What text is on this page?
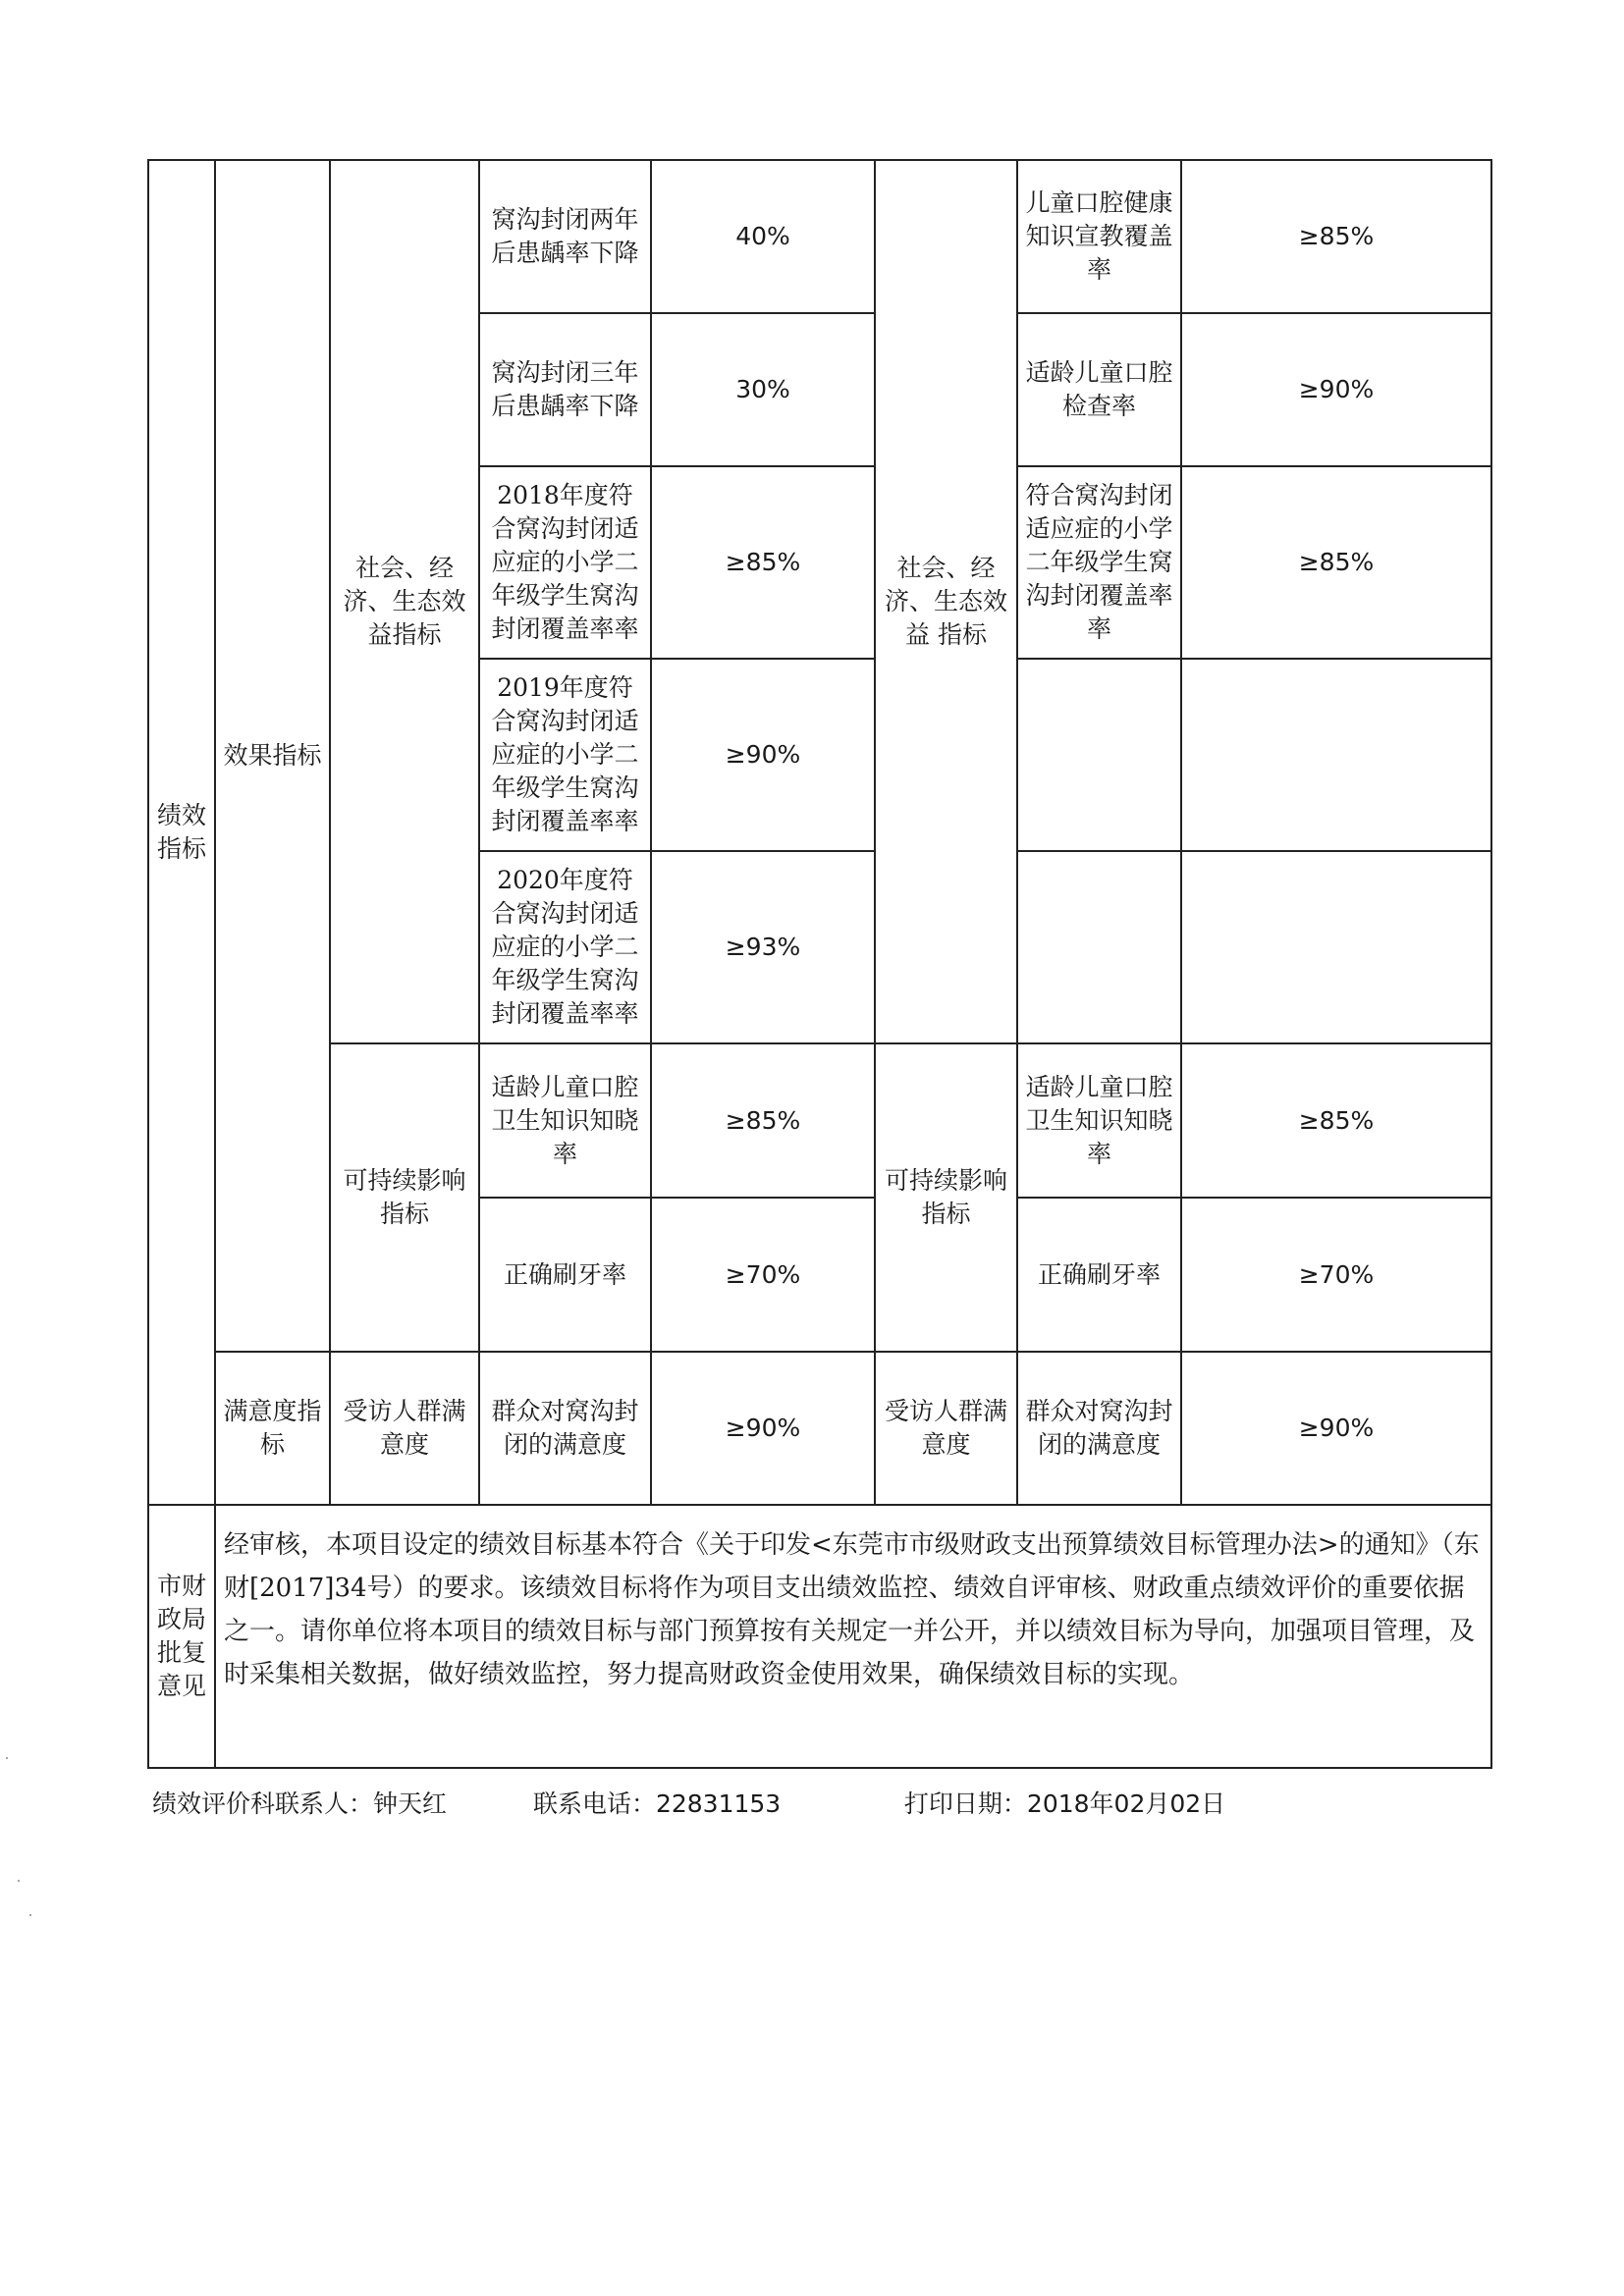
绩效指标	效果指标	社会、经济、生态效益指标	窝沟封闭两年后患龋率下降	40%	社会、经济、生态效益 指标	儿童口腔健康知识宣教覆盖率	≥85%
			窝沟封闭三年后患龋率下降	30%		适龄儿童口腔检查率	≥90%
			2018年度符合窝沟封闭适应症的小学二年级学生窝沟封闭覆盖率率	≥85%		符合窝沟封闭适应症的小学二年级学生窝沟封闭覆盖率率	≥85%
			2019年度符合窝沟封闭适应症的小学二年级学生窝沟封闭覆盖率率	≥90%			
			2020年度符合窝沟封闭适应症的小学二年级学生窝沟封闭覆盖率率	≥93%			
		可持续影响指标	适龄儿童口腔卫生知识知晓率	≥85%	可持续影响指标	适龄儿童口腔卫生知识知晓率	≥85%
			正确刷牙率	≥70%		正确刷牙率	≥70%
	满意度指标	受访人群满意度	群众对窝沟封闭的满意度	≥90%	受访人群满意度	群众对窝沟封闭的满意度	≥90%
市财政局批复意见	经审核，本项目设定的绩效目标基本符合《关于印发<东莞市市级财政支出预算绩效目标管理办法>的通知》（东财[2017]34号）的要求。该绩效目标将作为项目支出绩效监控、绩效自评审核、财政重点绩效评价的重要依据之一。请你单位将本项目的绩效目标与部门预算按有关规定一并公开，并以绩效目标为导向，加强项目管理，及时采集相关数据，做好绩效监控，努力提高财政资金使用效果，确保绩效目标的实现。						
绩效评价科联系人：钟天红	联系电话：22831153	打印日期：2018年02月02日
